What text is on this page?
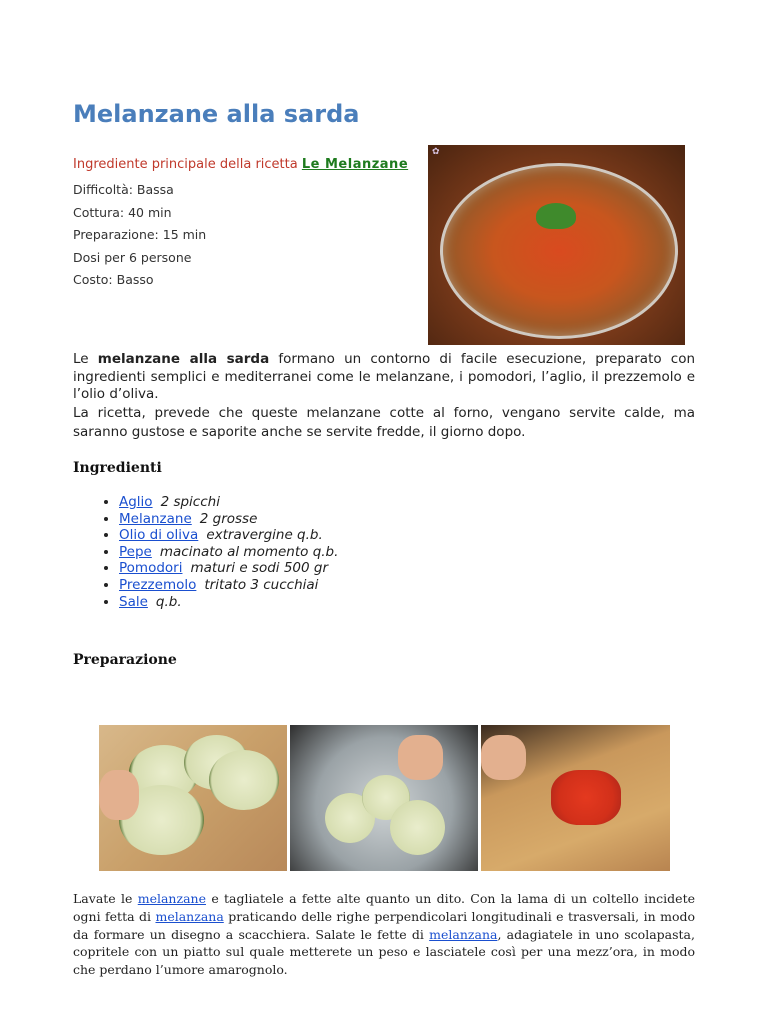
Melanzane alla sarda
Ingrediente principale della ricetta Le Melanzane
Difficoltà: Bassa
Cottura: 40 min
Preparazione: 15 min
Dosi per 6 persone
Costo: Basso
✿

Le melanzane alla sarda formano un contorno di facile esecuzione, preparato con ingredienti semplici e mediterranei come le melanzane, i pomodori, l’aglio, il prezzemolo e l’olio d’oliva.

La ricetta, prevede che queste melanzane cotte al forno, vengano servite calde, ma saranno gustose e saporite anche se servite fredde, il giorno dopo.

Ingredienti
• Aglio 2 spicchi
• Melanzane 2 grosse
• Olio di oliva extravergine q.b.
• Pepe macinato al momento q.b.
• Pomodori maturi e sodi 500 gr
• Prezzemolo tritato 3 cucchiai
• Sale q.b.
Preparazione
Lavate le melanzane e tagliatele a fette alte quanto un dito. Con la lama di un coltello incidete ogni fetta di melanzana praticando delle righe perpendicolari longitudinali e trasversali, in modo da formare un disegno a scacchiera. Salate le fette di melanzana, adagiatele in uno scolapasta, copritele con un piatto sul quale metterete un peso e lasciatele così per una mezz’ora, in modo che perdano l’umore amarognolo.
